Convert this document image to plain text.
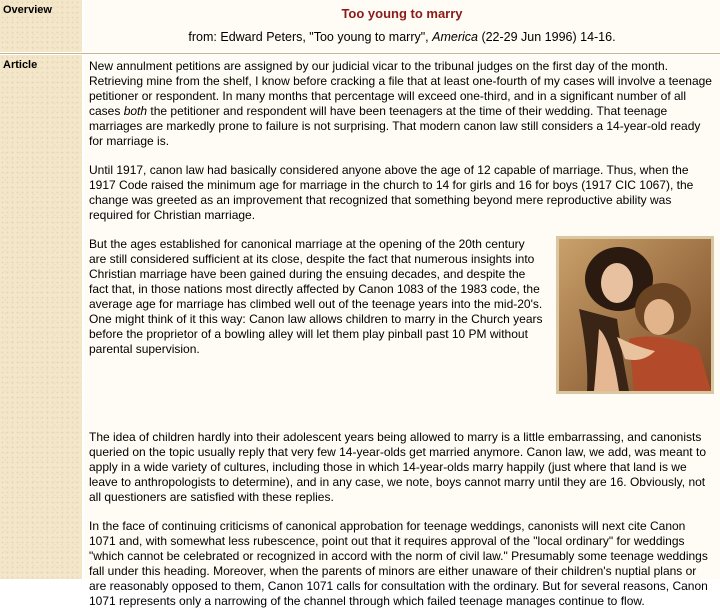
Overview	Too young to marry
from: Edward Peters, "Too young to marry", America (22-29 Jun 1996) 14-16.
Article	New annulment petitions are assigned by our judicial vicar to the tribunal judges on the first day of the month. Retrieving mine from the shelf, I know before cracking a file that at least one-fourth of my cases will involve a teenage petitioner or respondent. In many months that percentage will exceed one-third, and in a significant number of all cases both the petitioner and respondent will have been teenagers at the time of their wedding. That teenage marriages are markedly prone to failure is not surprising. That modern canon law still considers a 14-year-old ready for marriage is.

Until 1917, canon law had basically considered anyone above the age of 12 capable of marriage. Thus, when the 1917 Code raised the minimum age for marriage in the church to 14 for girls and 16 for boys (1917 CIC 1067), the change was greeted as an improvement that recognized that something beyond mere reproductive ability was required for Christian marriage.

But the ages established for canonical marriage at the opening of the 20th century are still considered sufficient at its close, despite the fact that numerous insights into Christian marriage have been gained during the ensuing decades, and despite the fact that, in those nations most directly affected by Canon 1083 of the 1983 code, the average age for marriage has climbed well out of the teenage years into the mid-20's. One might think of it this way: Canon law allows children to marry in the Church years before the proprietor of a bowling alley will let them play pinball past 10 PM without parental supervision.

The idea of children hardly into their adolescent years being allowed to marry is a little embarrassing, and canonists queried on the topic usually reply that very few 14-year-olds get married anymore. Canon law, we add, was meant to apply in a wide variety of cultures, including those in which 14-year-olds marry happily (just where that land is we leave to anthropologists to determine), and in any case, we note, boys cannot marry until they are 16. Obviously, not all questioners are satisfied with these replies.

In the face of continuing criticisms of canonical approbation for teenage weddings, canonists will next cite Canon 1071 and, with somewhat less rubescence, point out that it requires approval of the "local ordinary" for weddings "which cannot be celebrated or recognized in accord with the norm of civil law." Presumably some teenage weddings fall under this heading. Moreover, when the parents of minors are either unaware of their children's nuptial plans or are reasonably opposed to them, Canon 1071 calls for consultation with the ordinary. But for several reasons, Canon 1071 represents only a narrowing of the channel through which failed teenage manages continue to flow.
